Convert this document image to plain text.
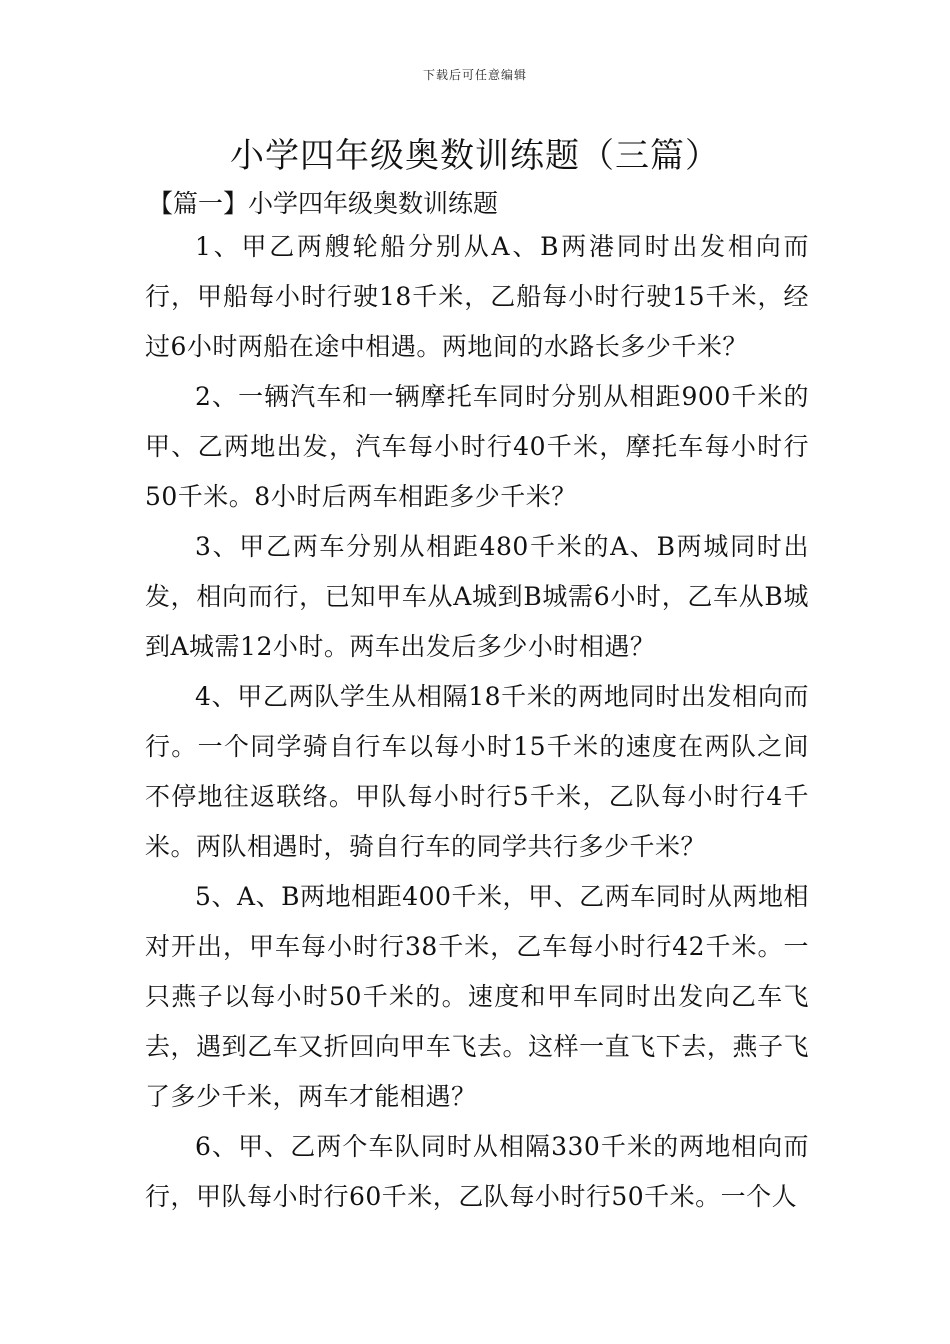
下载后可任意编辑
小学四年级奥数训练题（三篇）
【篇一】小学四年级奥数训练题

1、甲乙两艘轮船分别从A、B两港同时出发相向而行，甲船每小时行驶18千米，乙船每小时行驶15千米，经过6小时两船在途中相遇。两地间的水路长多少千米？

2、一辆汽车和一辆摩托车同时分别从相距900千米的甲、乙两地出发，汽车每小时行40千米，摩托车每小时行50千米。8小时后两车相距多少千米？

3、甲乙两车分别从相距480千米的A、B两城同时出发，相向而行，已知甲车从A城到B城需6小时，乙车从B城到A城需12小时。两车出发后多少小时相遇？

4、甲乙两队学生从相隔18千米的两地同时出发相向而行。一个同学骑自行车以每小时15千米的速度在两队之间不停地往返联络。甲队每小时行5千米，乙队每小时行4千米。两队相遇时，骑自行车的同学共行多少千米？

5、A、B两地相距400千米，甲、乙两车同时从两地相对开出，甲车每小时行38千米，乙车每小时行42千米。一只燕子以每小时50千米的。速度和甲车同时出发向乙车飞去，遇到乙车又折回向甲车飞去。这样一直飞下去，燕子飞了多少千米，两车才能相遇？

6、甲、乙两个车队同时从相隔330千米的两地相向而行，甲队每小时行60千米，乙队每小时行50千米。一个人
